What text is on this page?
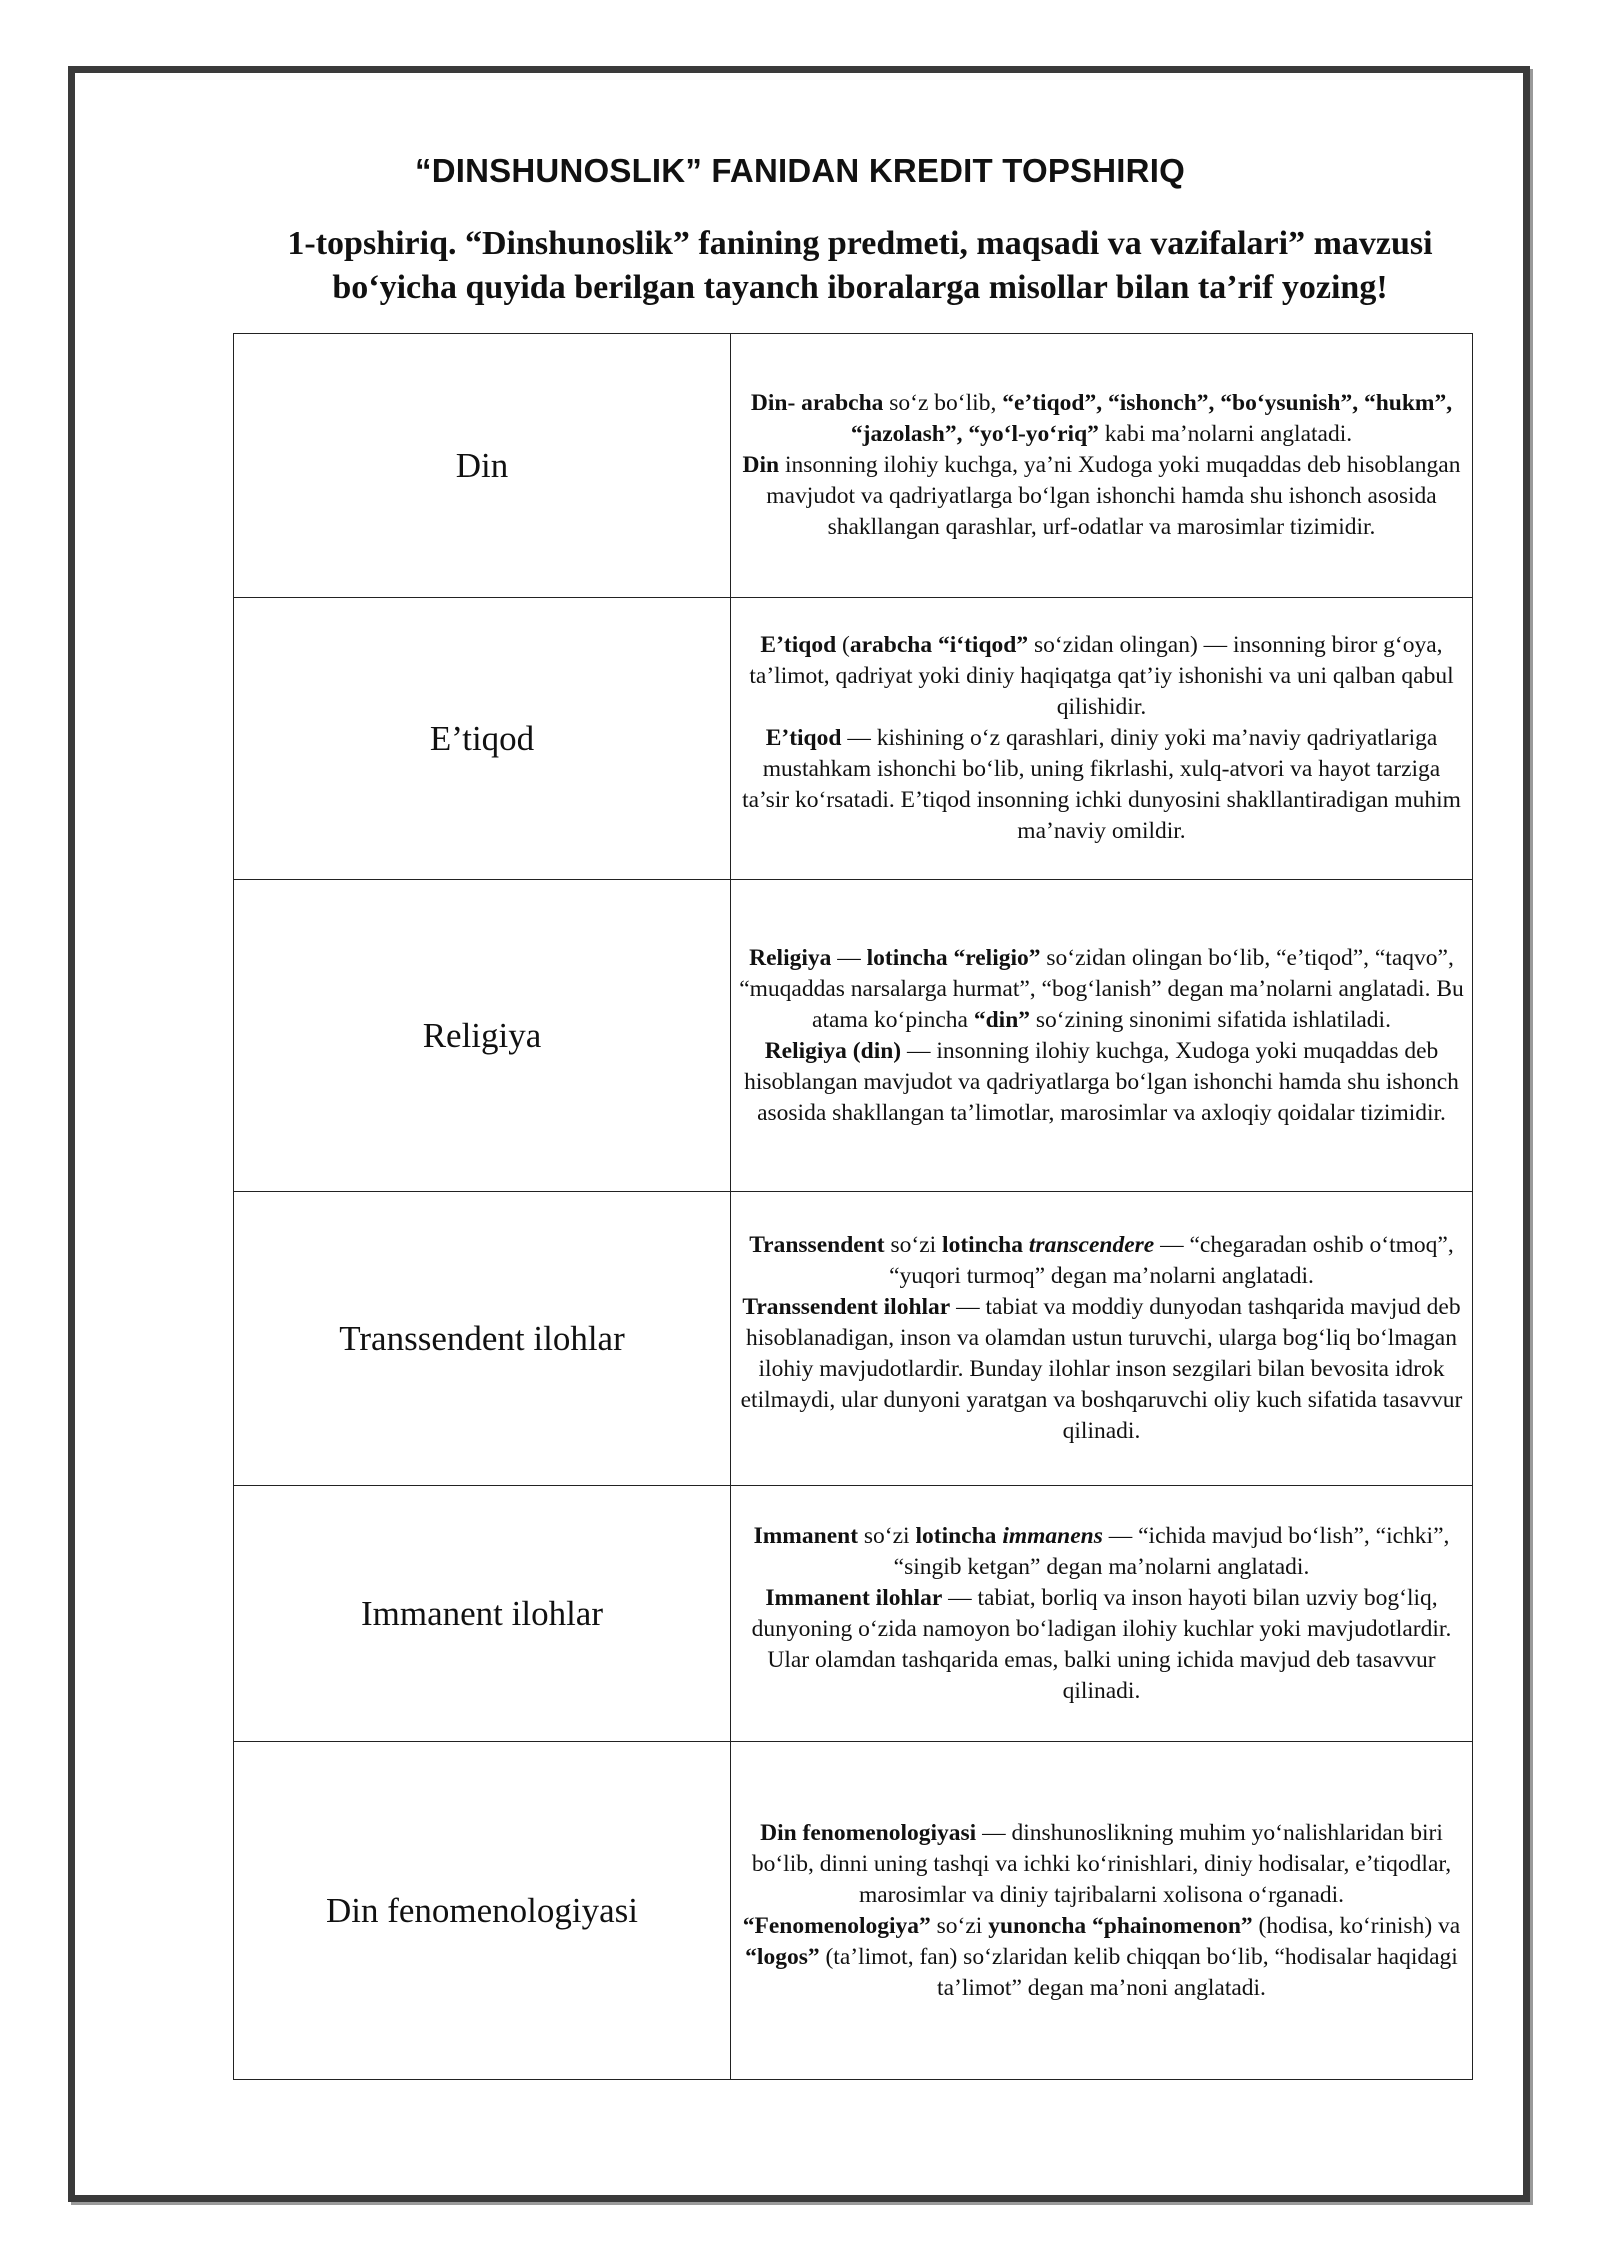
“DINSHUNOSLIK” FANIDAN KREDIT TOPSHIRIQ
1-topshiriq. “Dinshunoslik” fanining predmeti, maqsadi va vazifalari” mavzusi
bo‘yicha quyida berilgan tayanch iboralarga misollar bilan ta’rif yozing!
Din	Din- arabcha so‘z bo‘lib, “e’tiqod”, “ishonch”, “bo‘ysunish”, “hukm”, “jazolash”, “yo‘l-yo‘riq” kabi ma’nolarni anglatadi.
Din insonning ilohiy kuchga, ya’ni Xudoga yoki muqaddas deb hisoblangan mavjudot va qadriyatlarga bo‘lgan ishonchi hamda shu ishonch asosida shakllangan qarashlar, urf-odatlar va marosimlar tizimidir.

E’tiqod	E’tiqod (arabcha “i‘tiqod” so‘zidan olingan) — insonning biror g‘oya, ta’limot, qadriyat yoki diniy haqiqatga qat’iy ishonishi va uni qalban qabul qilishidir.
E’tiqod — kishining o‘z qarashlari, diniy yoki ma’naviy qadriyatlariga mustahkam ishonchi bo‘lib, uning fikrlashi, xulq-atvori va hayot tarziga ta’sir ko‘rsatadi. E’tiqod insonning ichki dunyosini shakllantiradigan muhim ma’naviy omildir.

Religiya	Religiya — lotincha “religio” so‘zidan olingan bo‘lib, “e’tiqod”, “taqvo”, “muqaddas narsalarga hurmat”, “bog‘lanish” degan ma’nolarni anglatadi. Bu atama ko‘pincha “din” so‘zining sinonimi sifatida ishlatiladi.
Religiya (din) — insonning ilohiy kuchga, Xudoga yoki muqaddas deb hisoblangan mavjudot va qadriyatlarga bo‘lgan ishonchi hamda shu ishonch asosida shakllangan ta’limotlar, marosimlar va axloqiy qoidalar tizimidir.

Transsendent ilohlar	Transsendent so‘zi lotincha transcendere — “chegaradan oshib o‘tmoq”, “yuqori turmoq” degan ma’nolarni anglatadi.
Transsendent ilohlar — tabiat va moddiy dunyodan tashqarida mavjud deb hisoblanadigan, inson va olamdan ustun turuvchi, ularga bog‘liq bo‘lmagan ilohiy mavjudotlardir. Bunday ilohlar inson sezgilari bilan bevosita idrok etilmaydi, ular dunyoni yaratgan va boshqaruvchi oliy kuch sifatida tasavvur qilinadi.

Immanent ilohlar	Immanent so‘zi lotincha immanens — “ichida mavjud bo‘lish”, “ichki”, “singib ketgan” degan ma’nolarni anglatadi.
Immanent ilohlar — tabiat, borliq va inson hayoti bilan uzviy bog‘liq, dunyoning o‘zida namoyon bo‘ladigan ilohiy kuchlar yoki mavjudotlardir. Ular olamdan tashqarida emas, balki uning ichida mavjud deb tasavvur qilinadi.

Din fenomenologiyasi	Din fenomenologiyasi — dinshunoslikning muhim yo‘nalishlaridan biri bo‘lib, dinni uning tashqi va ichki ko‘rinishlari, diniy hodisalar, e’tiqodlar, marosimlar va diniy tajribalarni xolisona o‘rganadi.
“Fenomenologiya” so‘zi yunoncha “phainomenon” (hodisa, ko‘rinish) va “logos” (ta’limot, fan) so‘zlaridan kelib chiqqan bo‘lib, “hodisalar haqidagi ta’limot” degan ma’noni anglatadi.
